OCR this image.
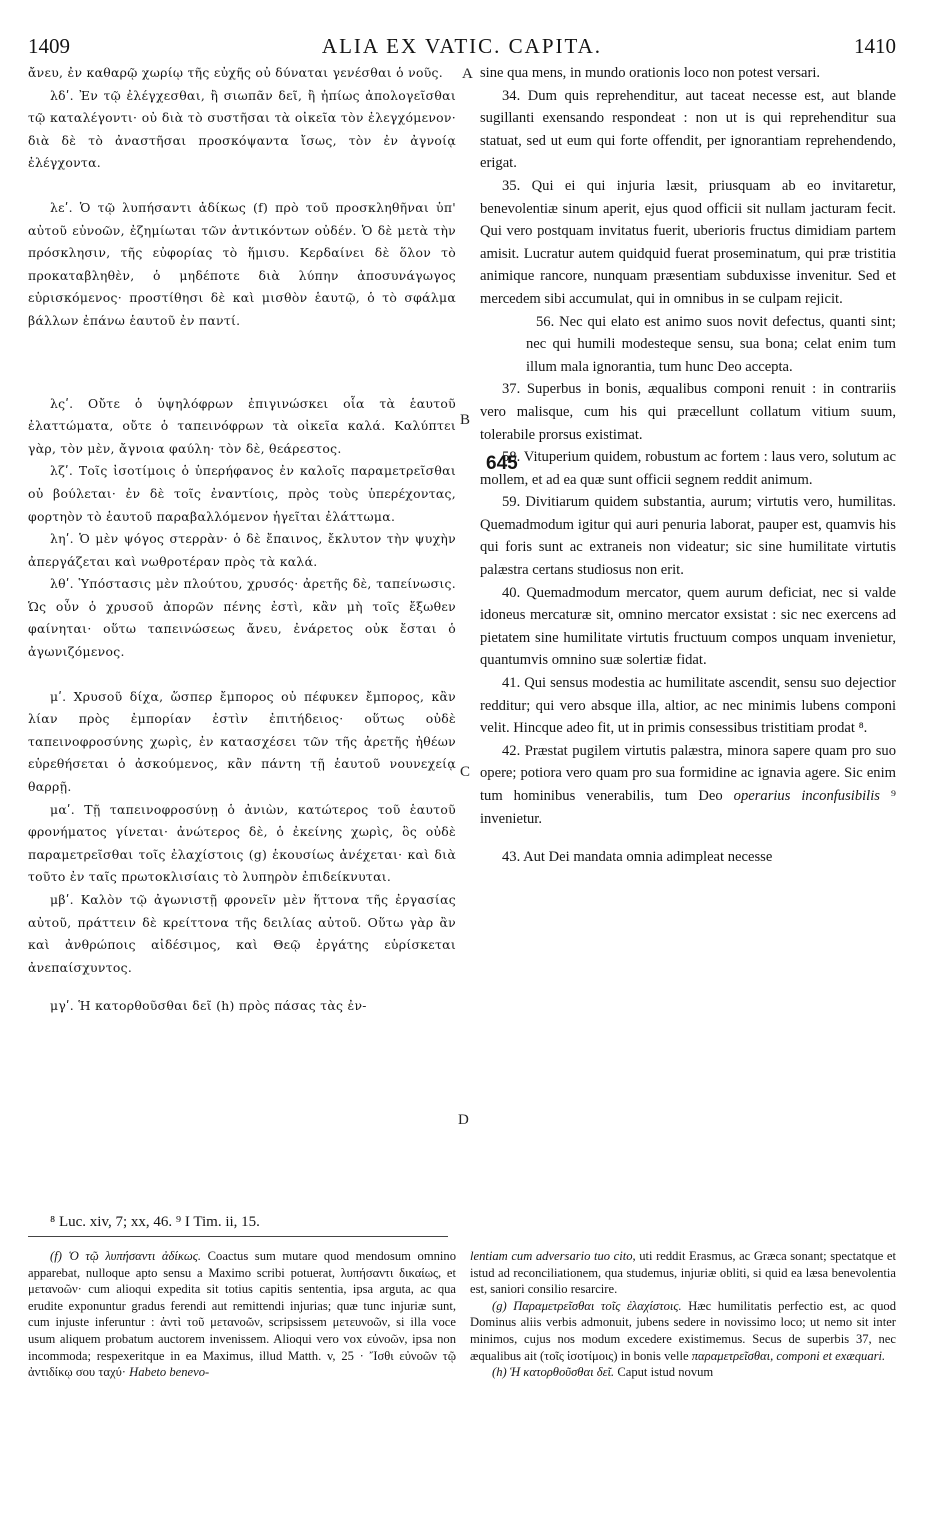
1409	ALIA EX VATIC. CAPITA.	1410

ἄνευ, ἐν καθαρῷ χωρίῳ τῆς εὐχῆς οὐ δύναται γενέσθαι ὁ νοῦς.

λδʹ. Ἐν τῷ ἐλέγχεσθαι, ἢ σιωπᾶν δεῖ, ἢ ἠπίως ἀπολογεῖσθαι τῷ καταλέγοντι· οὐ διὰ τὸ συστῆσαι τὰ οἰκεῖα τὸν ἐλεγχόμενον· διὰ δὲ τὸ ἀναστῆσαι προσκόψαντα ἴσως, τὸν ἐν ἀγνοίᾳ ἐλέγχοντα.

λεʹ. Ὁ τῷ λυπήσαντι ἀδίκως (f) πρὸ τοῦ προσκληθῆναι ὑπ' αὐτοῦ εὐνοῶν, ἐζημίωται τῶν ἀντικόντων οὐδέν. Ὁ δὲ μετὰ τὴν πρόσκλησιν, τῆς εὐφορίας τὸ ἥμισυ. Κερδαίνει δὲ ὅλον τὸ προκαταβληθὲν, ὁ μηδέποτε διὰ λύπην ἀποσυνάγωγος εὑρισκόμενος· προστίθησι δὲ καὶ μισθὸν ἑαυτῷ, ὁ τὸ σφάλμα βάλλων ἐπάνω ἑαυτοῦ ἐν παντί.

λςʹ. Οὔτε ὁ ὑψηλόφρων ἐπιγινώσκει οἷα τὰ ἑαυτοῦ ἐλαττώματα, οὔτε ὁ ταπεινόφρων τὰ οἰκεῖα καλά. Καλύπτει γὰρ, τὸν μὲν, ἄγνοια φαύλη· τὸν δὲ, θεάρεστος.

λζʹ. Τοῖς ἰσοτίμοις ὁ ὑπερήφανος ἐν καλοῖς παραμετρεῖσθαι οὐ βούλεται· ἐν δὲ τοῖς ἐναντίοις, πρὸς τοὺς ὑπερέχοντας, φορτηὸν τὸ ἑαυτοῦ παραβαλλόμενον ἡγεῖται ἐλάττωμα.

ληʹ. Ὁ μὲν ψόγος στερρὰν· ὁ δὲ ἔπαινος, ἔκλυτον τὴν ψυχὴν ἀπεργάζεται καὶ νωθροτέραν πρὸς τὰ καλά.

λθʹ. Ὑπόστασις μὲν πλούτου, χρυσός· ἀρετῆς δὲ, ταπείνωσις. Ὡς οὖν ὁ χρυσοῦ ἀπορῶν πένης ἐστὶ, κἂν μὴ τοῖς ἔξωθεν φαίνηται· οὕτω ταπεινώσεως ἄνευ, ἐνάρετος οὐκ ἔσται ὁ ἀγωνιζόμενος.

μʹ. Χρυσοῦ δίχα, ὥσπερ ἔμπορος οὐ πέφυκεν ἔμπορος, κἂν λίαν πρὸς ἐμπορίαν ἐστὶν ἐπιτήδειος· οὕτως οὐδὲ ταπεινοφροσύνης χωρὶς, ἐν κατασχέσει τῶν τῆς ἀρετῆς ἠθέων εὑρεθήσεται ὁ ἀσκούμενος, κἂν πάντη τῇ ἑαυτοῦ νουνεχείᾳ θαρρῇ.

μαʹ. Τῇ ταπεινοφροσύνῃ ὁ ἀνιὼν, κατώτερος τοῦ ἑαυτοῦ φρονήματος γίνεται· ἀνώτερος δὲ, ὁ ἐκείνης χωρὶς, ὃς οὐδὲ παραμετρεῖσθαι τοῖς ἐλαχίστοις (g) ἑκουσίως ἀνέχεται· καὶ διὰ τοῦτο ἐν ταῖς πρωτοκλισίαις τὸ λυπηρὸν ἐπιδείκνυται.

μβʹ. Καλὸν τῷ ἀγωνιστῇ φρονεῖν μὲν ἥττονα τῆς ἐργασίας αὐτοῦ, πράττειν δὲ κρείττονα τῆς δειλίας αὐτοῦ. Οὕτω γὰρ ἂν καὶ ἀνθρώποις αἰδέσιμος, καὶ Θεῷ ἐργάτης εὑρίσκεται ἀνεπαίσχυντος.

μγʹ. Ἡ κατορθοῦσθαι δεῖ (h) πρὸς πάσας τὰς ἐν-

A
B
C
D
645

sine qua mens, in mundo orationis loco non potest versari.

34. Dum quis reprehenditur, aut taceat necesse est, aut blande sugillanti exensando respondeat : non ut is qui reprehenditur sua statuat, sed ut eum qui forte offendit, per ignorantiam reprehendendo, erigat.

35. Qui ei qui injuria læsit, priusquam ab eo invitaretur, benevolentiæ sinum aperit, ejus quod officii sit nullam jacturam fecit. Qui vero postquam invitatus fuerit, uberioris fructus dimidiam partem amisit. Lucratur autem quidquid fuerat proseminatum, qui præ tristitia animique rancore, nunquam præsentiam subduxisse invenitur. Sed et mercedem sibi accumulat, qui in omnibus in se culpam rejicit.

56. Nec qui elato est animo suos novit defectus, quanti sint; nec qui humili modesteque sensu, sua bona; celat enim tum illum mala ignorantia, tum hunc Deo accepta.

37. Superbus in bonis, æqualibus componi renuit : in contrariis vero malisque, cum his qui præcellunt collatum vitium suum, tolerabile prorsus existimat.

58. Vituperium quidem, robustum ac fortem : laus vero, solutum ac mollem, et ad ea quæ sunt officii segnem reddit animum.

59. Divitiarum quidem substantia, aurum; virtutis vero, humilitas. Quemadmodum igitur qui auri penuria laborat, pauper est, quamvis his qui foris sunt ac extraneis non videatur; sic sine humilitate virtutis palæstra certans studiosus non erit.

40. Quemadmodum mercator, quem aurum deficiat, nec si valde idoneus mercaturæ sit, omnino mercator exsistat : sic nec exercens ad pietatem sine humilitate virtutis fructuum compos unquam invenietur, quantumvis omnino suæ solertiæ fidat.

41. Qui sensus modestia ac humilitate ascendit, sensu suo dejectior redditur; qui vero absque illa, altior, ac nec minimis lubens componi velit. Hincque adeo fit, ut in primis consessibus tristitiam prodat ⁸.

42. Præstat pugilem virtutis palæstra, minora sapere quam pro suo opere; potiora vero quam pro sua formidine ac ignavia agere. Sic enim tum hominibus venerabilis, tum Deo operarius inconfusibilis ⁹ invenietur.

43. Aut Dei mandata omnia adimpleat necesse

⁸ Luc. xiv, 7; xx, 46. ⁹ I Tim. ii, 15.

(f) Ὁ τῷ λυπήσαντι ἀδίκως. Coactus sum mutare quod mendosum omnino apparebat, nulloque apto sensu a Maximo scribi potuerat, λυπήσαντι δικαίως, et μετανοῶν· cum alioqui expedita sit totius capitis sententia, ipsa arguta, ac qua erudite exponuntur gradus ferendi aut remittendi injurias; quæ tunc injuriæ sunt, cum injuste inferuntur : ἀντὶ τοῦ μετανοῶν, scripsissem μετευνοῶν, si illa voce usum aliquem probatum auctorem invenissem. Alioqui vero vox εὐνοῶν, ipsa non incommoda; respexeritque in ea Maximus, illud Matth. v, 25 · Ἴσθι εὐνοῶν τῷ ἀντιδίκῳ σου ταχύ· Habeto benevo-

lentiam cum adversario tuo cito, uti reddit Erasmus, ac Græca sonant; spectatque et istud ad reconciliationem, qua studemus, injuriæ obliti, si quid ea læsa benevolentia est, saniori consilio resarcire.

(g) Παραμετρεῖσθαι τοῖς ἐλαχίστοις. Hæc humilitatis perfectio est, ac quod Dominus aliis verbis admonuit, jubens sedere in novissimo loco; ut nemo sit inter minimos, cujus nos modum excedere existimemus. Secus de superbis 37, nec æqualibus ait (τοῖς ἰσοτίμοις) in bonis velle παραμετρεῖσθαι, componi et exæquari.

(h) Ἡ κατορθοῦσθαι δεῖ. Caput istud novum
